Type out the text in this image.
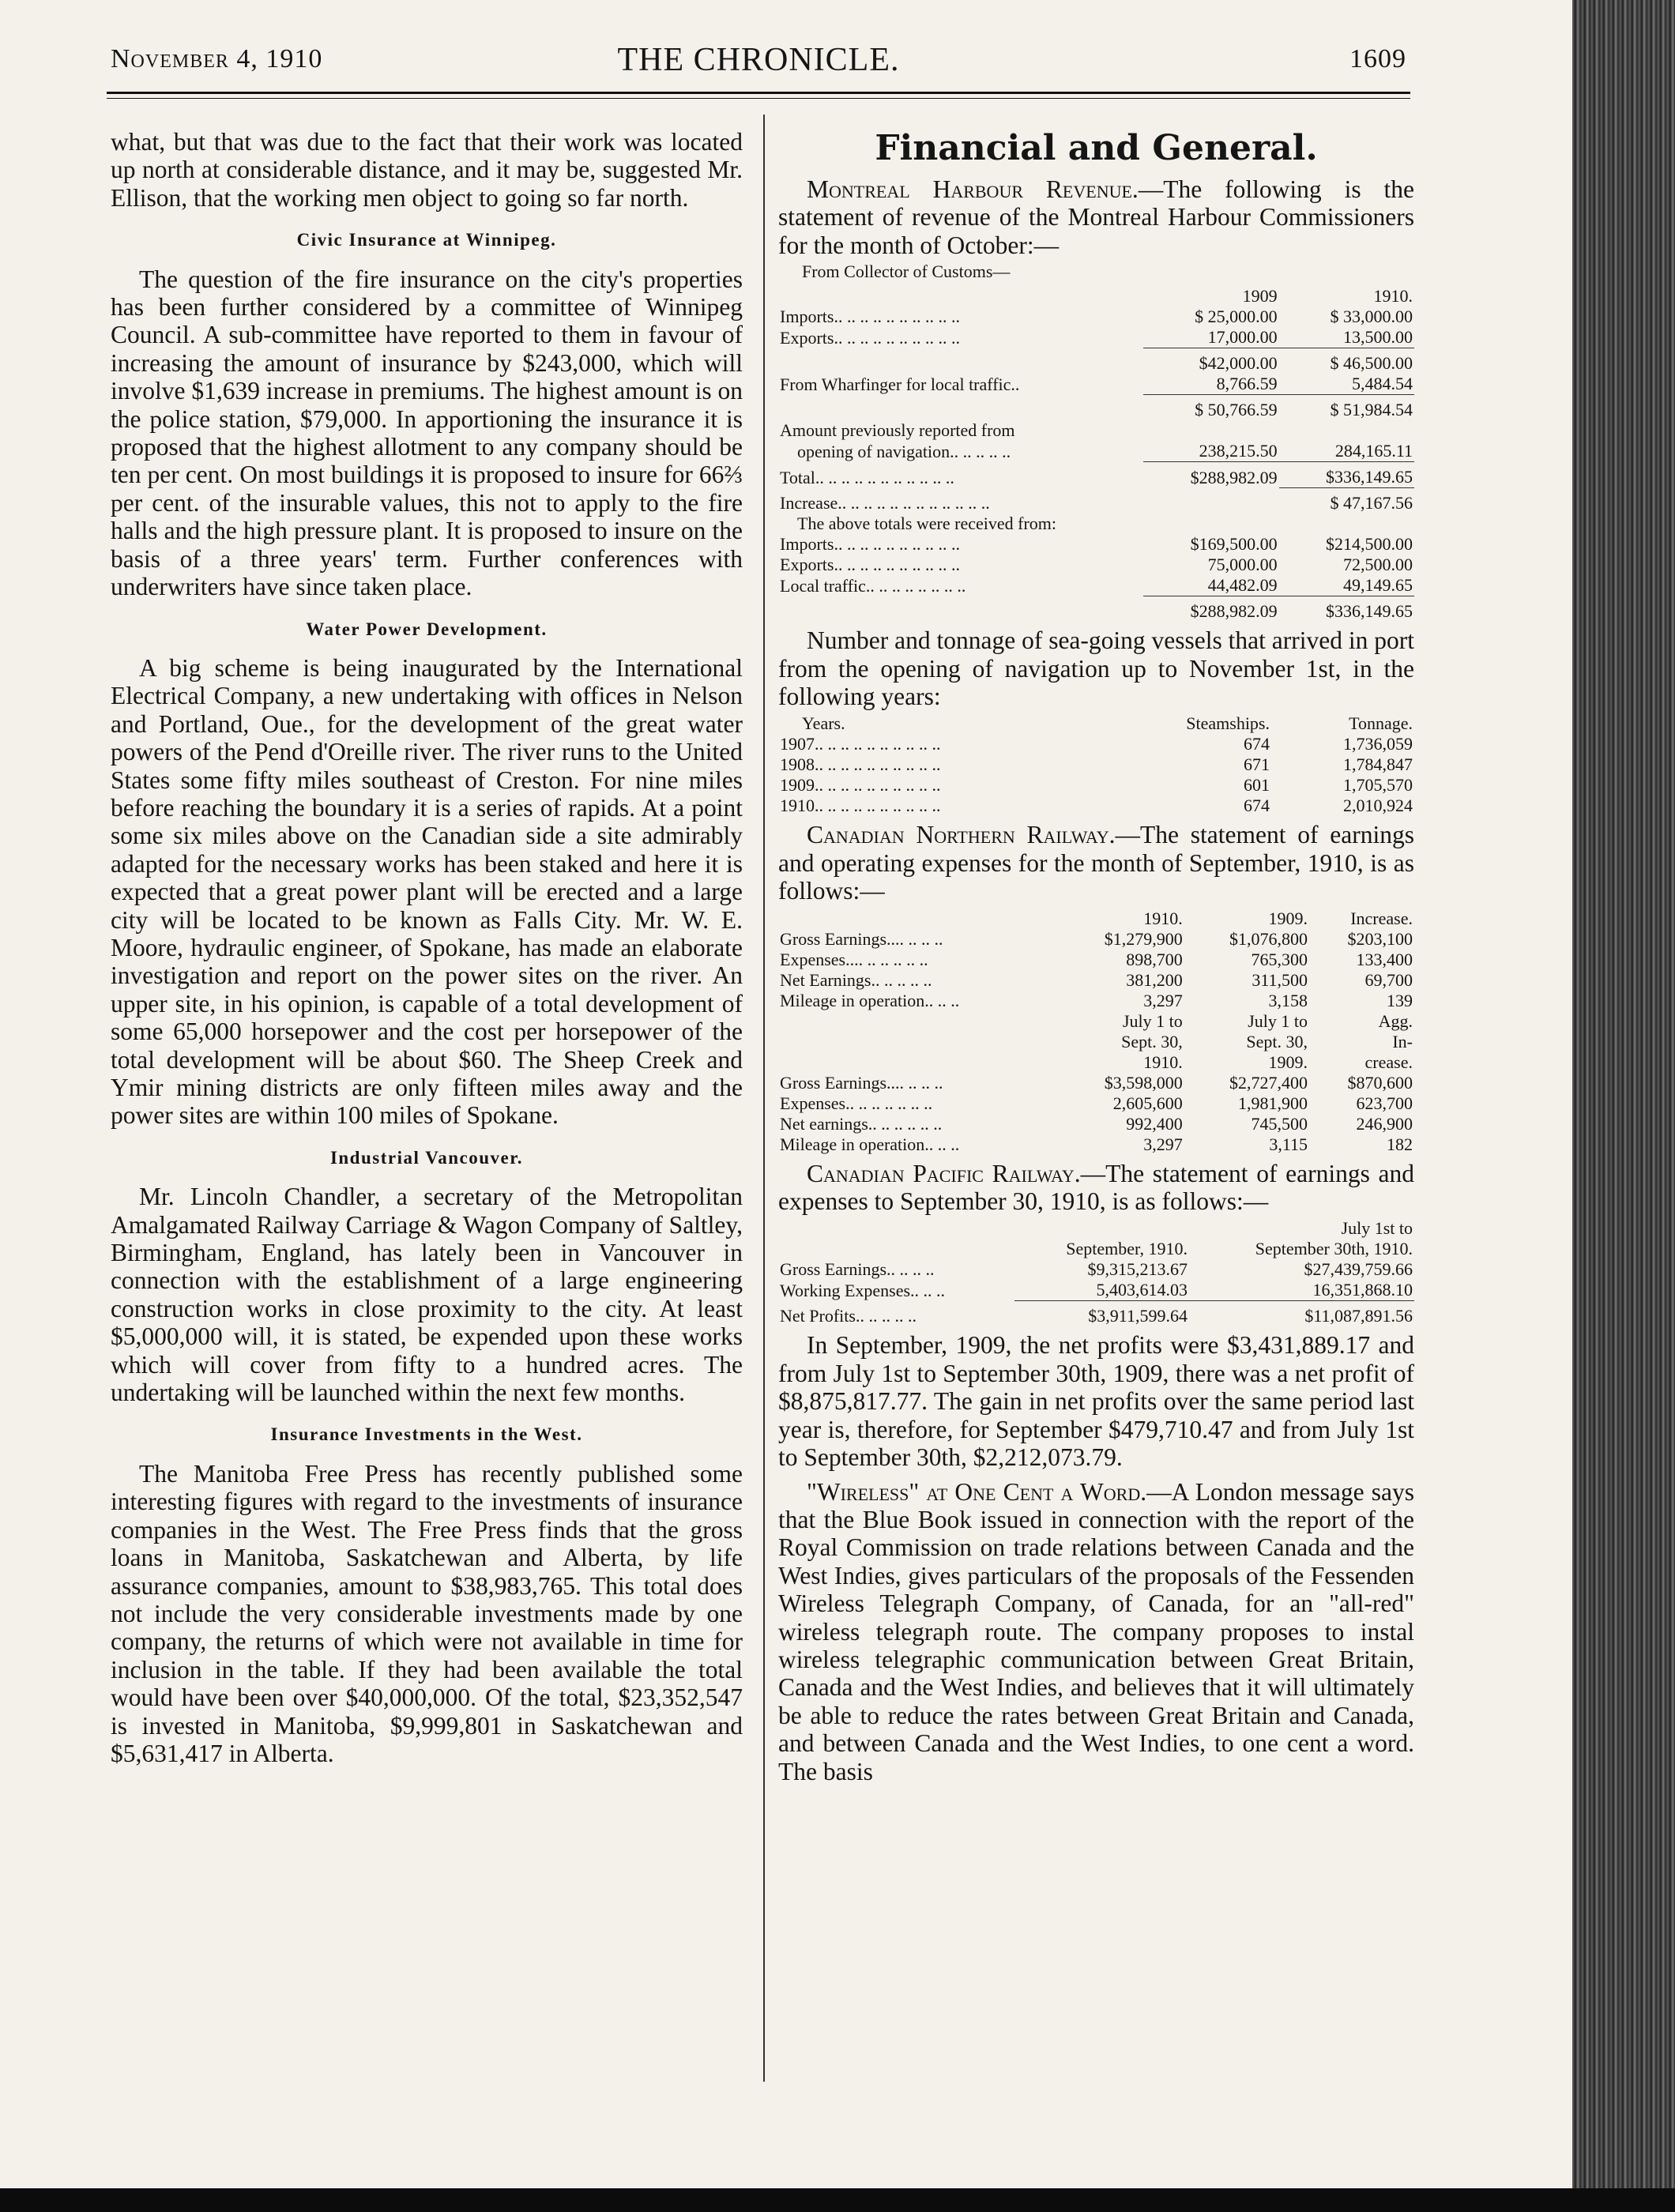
November 4, 1910	THE CHRONICLE.	1609

what, but that was due to the fact that their work was located up north at considerable distance, and it may be, suggested Mr. Ellison, that the working men object to going so far north.

Civic Insurance at Winnipeg.

The question of the fire insurance on the city's properties has been further considered by a committee of Winnipeg Council. A sub-committee have reported to them in favour of increasing the amount of insurance by $243,000, which will involve $1,639 increase in premiums. The highest amount is on the police station, $79,000. In apportioning the insurance it is proposed that the highest allotment to any company should be ten per cent. On most buildings it is proposed to insure for 66⅔ per cent. of the insurable values, this not to apply to the fire halls and the high pressure plant. It is proposed to insure on the basis of a three years' term. Further conferences with underwriters have since taken place.

Water Power Development.

A big scheme is being inaugurated by the International Electrical Company, a new undertaking with offices in Nelson and Portland, Oue., for the development of the great water powers of the Pend d'Oreille river. The river runs to the United States some fifty miles southeast of Creston. For nine miles before reaching the boundary it is a series of rapids. At a point some six miles above on the Canadian side a site admirably adapted for the necessary works has been staked and here it is expected that a great power plant will be erected and a large city will be located to be known as Falls City. Mr. W. E. Moore, hydraulic engineer, of Spokane, has made an elaborate investigation and report on the power sites on the river. An upper site, in his opinion, is capable of a total development of some 65,000 horsepower and the cost per horsepower of the total development will be about $60. The Sheep Creek and Ymir mining districts are only fifteen miles away and the power sites are within 100 miles of Spokane.

Industrial Vancouver.

Mr. Lincoln Chandler, a secretary of the Metropolitan Amalgamated Railway Carriage & Wagon Company of Saltley, Birmingham, England, has lately been in Vancouver in connection with the establishment of a large engineering construction works in close proximity to the city. At least $5,000,000 will, it is stated, be expended upon these works which will cover from fifty to a hundred acres. The undertaking will be launched within the next few months.

Insurance Investments in the West.

The Manitoba Free Press has recently published some interesting figures with regard to the investments of insurance companies in the West. The Free Press finds that the gross loans in Manitoba, Saskatchewan and Alberta, by life assurance companies, amount to $38,983,765. This total does not include the very considerable investments made by one company, the returns of which were not available in time for inclusion in the table. If they had been available the total would have been over $40,000,000. Of the total, $23,352,547 is invested in Manitoba, $9,999,801 in Saskatchewan and $5,631,417 in Alberta.

Financial and General.

Montreal Harbour Revenue.—The following is the statement of revenue of the Montreal Harbour Commissioners for the month of October:—

From Collector of Customs—
	1909	1910.
Imports.. .. .. .. .. .. .. .. .. ..	$ 25,000.00	$ 33,000.00
Exports.. .. .. .. .. .. .. .. .. ..	17,000.00	13,500.00
	$42,000.00	$ 46,500.00
From Wharfinger for local traffic..	8,766.59	5,484.54
	$ 50,766.59	$ 51,984.54
Amount previously reported from		
opening of navigation.. .. .. .. ..	238,215.50	284,165.11
Total.. .. .. .. .. .. .. .. .. .. ..	$288,982.09	$336,149.65
Increase.. .. .. .. .. .. .. .. .. .. .. ..		$ 47,167.56
The above totals were received from:		
Imports.. .. .. .. .. .. .. .. .. ..	$169,500.00	$214,500.00
Exports.. .. .. .. .. .. .. .. .. ..	75,000.00	72,500.00
Local traffic.. .. .. .. .. .. .. ..	44,482.09	49,149.65
	$288,982.09	$336,149.65

Number and tonnage of sea-going vessels that arrived in port from the opening of navigation up to November 1st, in the following years:

Years.	Steamships.	Tonnage.
1907.. .. .. .. .. .. .. .. .. ..	674	1,736,059
1908.. .. .. .. .. .. .. .. .. ..	671	1,784,847
1909.. .. .. .. .. .. .. .. .. ..	601	1,705,570
1910.. .. .. .. .. .. .. .. .. ..	674	2,010,924

Canadian Northern Railway.—The statement of earnings and operating expenses for the month of September, 1910, is as follows:—

	1910.	1909.	Increase.
Gross Earnings.... .. .. ..	$1,279,900	$1,076,800	$203,100
Expenses.... .. .. .. .. ..	898,700	765,300	133,400
Net Earnings.. .. .. .. ..	381,200	311,500	69,700
Mileage in operation.. .. ..	3,297	3,158	139
	July 1 to	July 1 to	Agg.
	Sept. 30,	Sept. 30,	In-
	1910.	1909.	crease.
Gross Earnings.... .. .. ..	$3,598,000	$2,727,400	$870,600
Expenses.. .. .. .. .. .. ..	2,605,600	1,981,900	623,700
Net earnings.. .. .. .. .. ..	992,400	745,500	246,900
Mileage in operation.. .. ..	3,297	3,115	182

Canadian Pacific Railway.—The statement of earnings and expenses to September 30, 1910, is as follows:—

		July 1st to
	September, 1910.	September 30th, 1910.
Gross Earnings.. .. .. ..	$9,315,213.67	$27,439,759.66
Working Expenses.. .. ..	5,403,614.03	16,351,868.10
Net Profits.. .. .. .. ..	$3,911,599.64	$11,087,891.56

In September, 1909, the net profits were $3,431,889.17 and from July 1st to September 30th, 1909, there was a net profit of $8,875,817.77. The gain in net profits over the same period last year is, therefore, for September $479,710.47 and from July 1st to September 30th, $2,212,073.79.

"Wireless" at One Cent a Word.—A London message says that the Blue Book issued in connection with the report of the Royal Commission on trade relations between Canada and the West Indies, gives particulars of the proposals of the Fessenden Wireless Telegraph Company, of Canada, for an "all-red" wireless telegraph route. The company proposes to instal wireless telegraphic communication between Great Britain, Canada and the West Indies, and believes that it will ultimately be able to reduce the rates between Great Britain and Canada, and between Canada and the West Indies, to one cent a word. The basis
